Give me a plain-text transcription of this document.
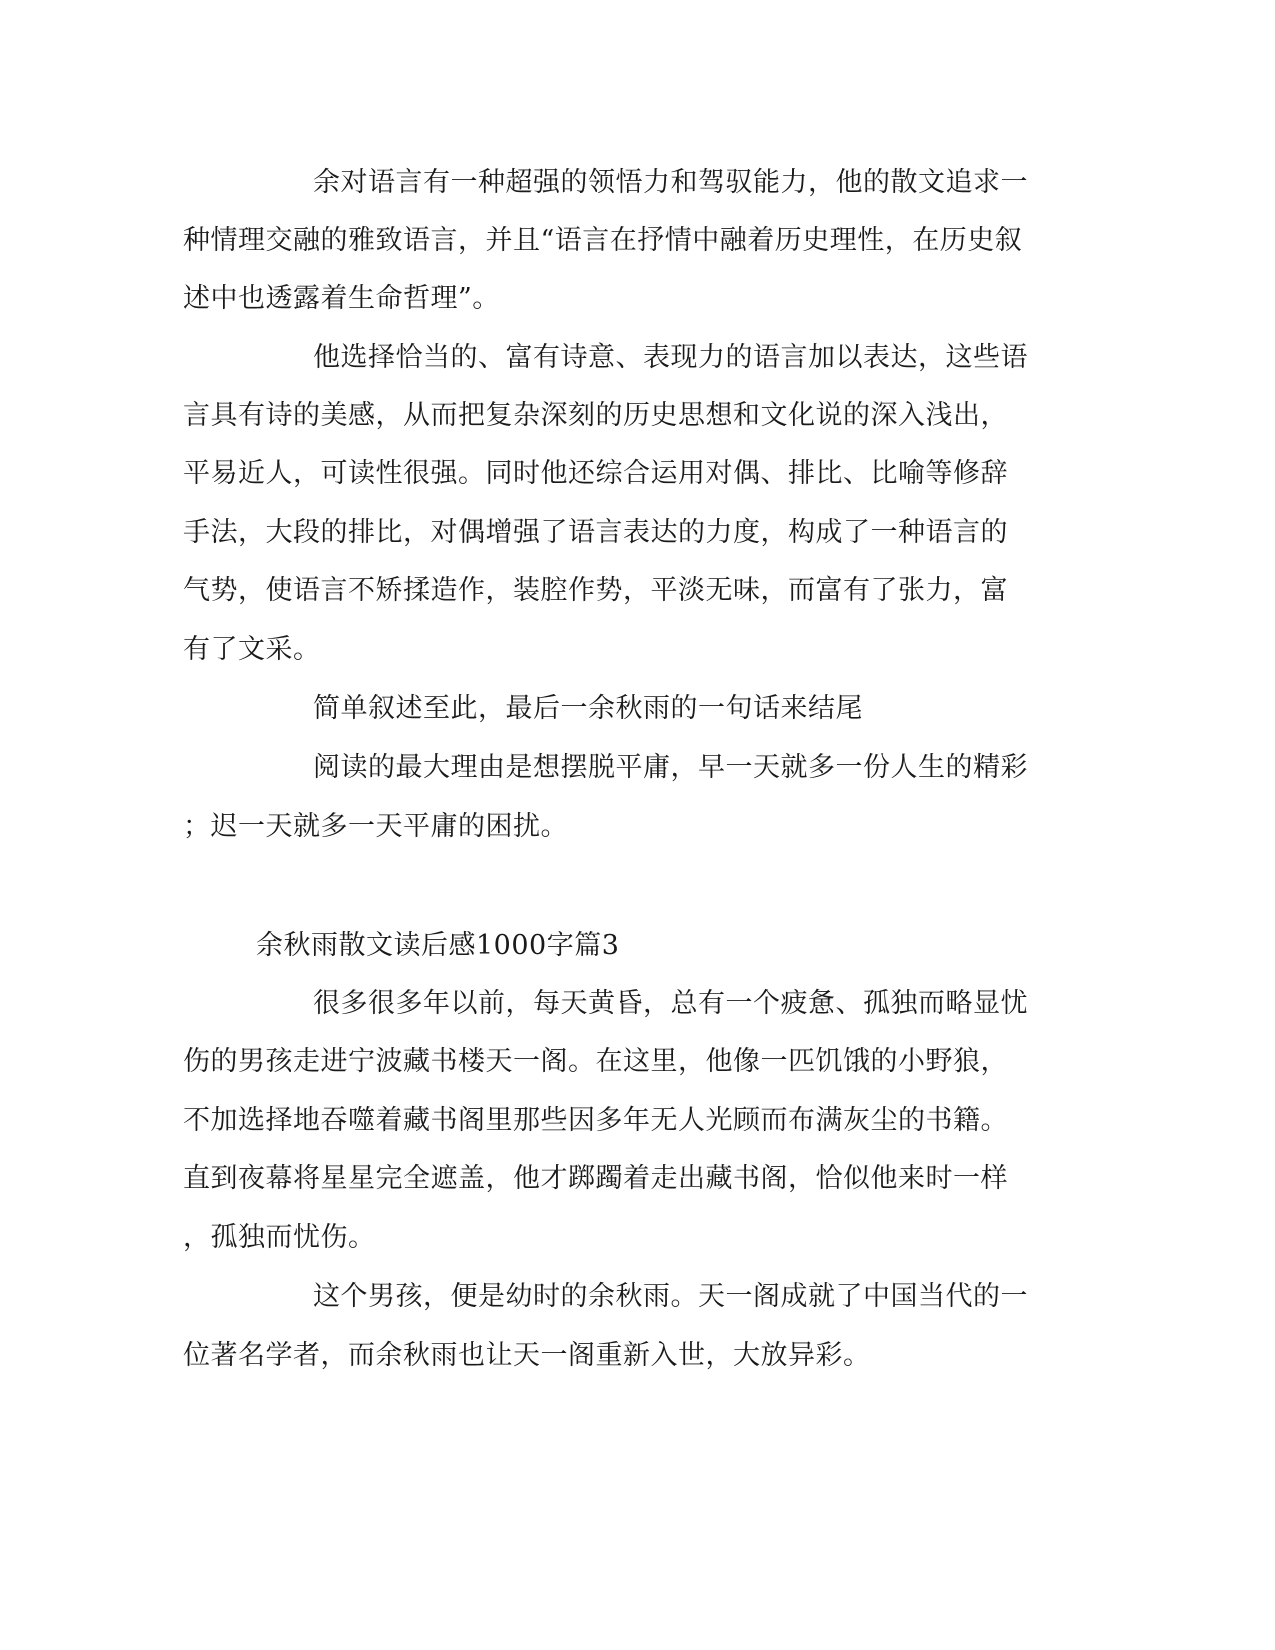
余对语言有一种超强的领悟力和驾驭能力，他的散文追求一
种情理交融的雅致语言，并且“语言在抒情中融着历史理性，在历史叙
述中也透露着生命哲理”。
他选择恰当的、富有诗意、表现力的语言加以表达，这些语
言具有诗的美感，从而把复杂深刻的历史思想和文化说的深入浅出，
平易近人，可读性很强。同时他还综合运用对偶、排比、比喻等修辞
手法，大段的排比，对偶增强了语言表达的力度，构成了一种语言的
气势，使语言不矫揉造作，装腔作势，平淡无味，而富有了张力，富
有了文采。
简单叙述至此，最后一余秋雨的一句话来结尾
阅读的最大理由是想摆脱平庸，早一天就多一份人生的精彩
；迟一天就多一天平庸的困扰。
余秋雨散文读后感1000字篇3
很多很多年以前，每天黄昏，总有一个疲惫、孤独而略显忧
伤的男孩走进宁波藏书楼天一阁。在这里，他像一匹饥饿的小野狼，
不加选择地吞噬着藏书阁里那些因多年无人光顾而布满灰尘的书籍。
直到夜幕将星星完全遮盖，他才踯躅着走出藏书阁，恰似他来时一样
，孤独而忧伤。
这个男孩，便是幼时的余秋雨。天一阁成就了中国当代的一
位著名学者，而余秋雨也让天一阁重新入世，大放异彩。
